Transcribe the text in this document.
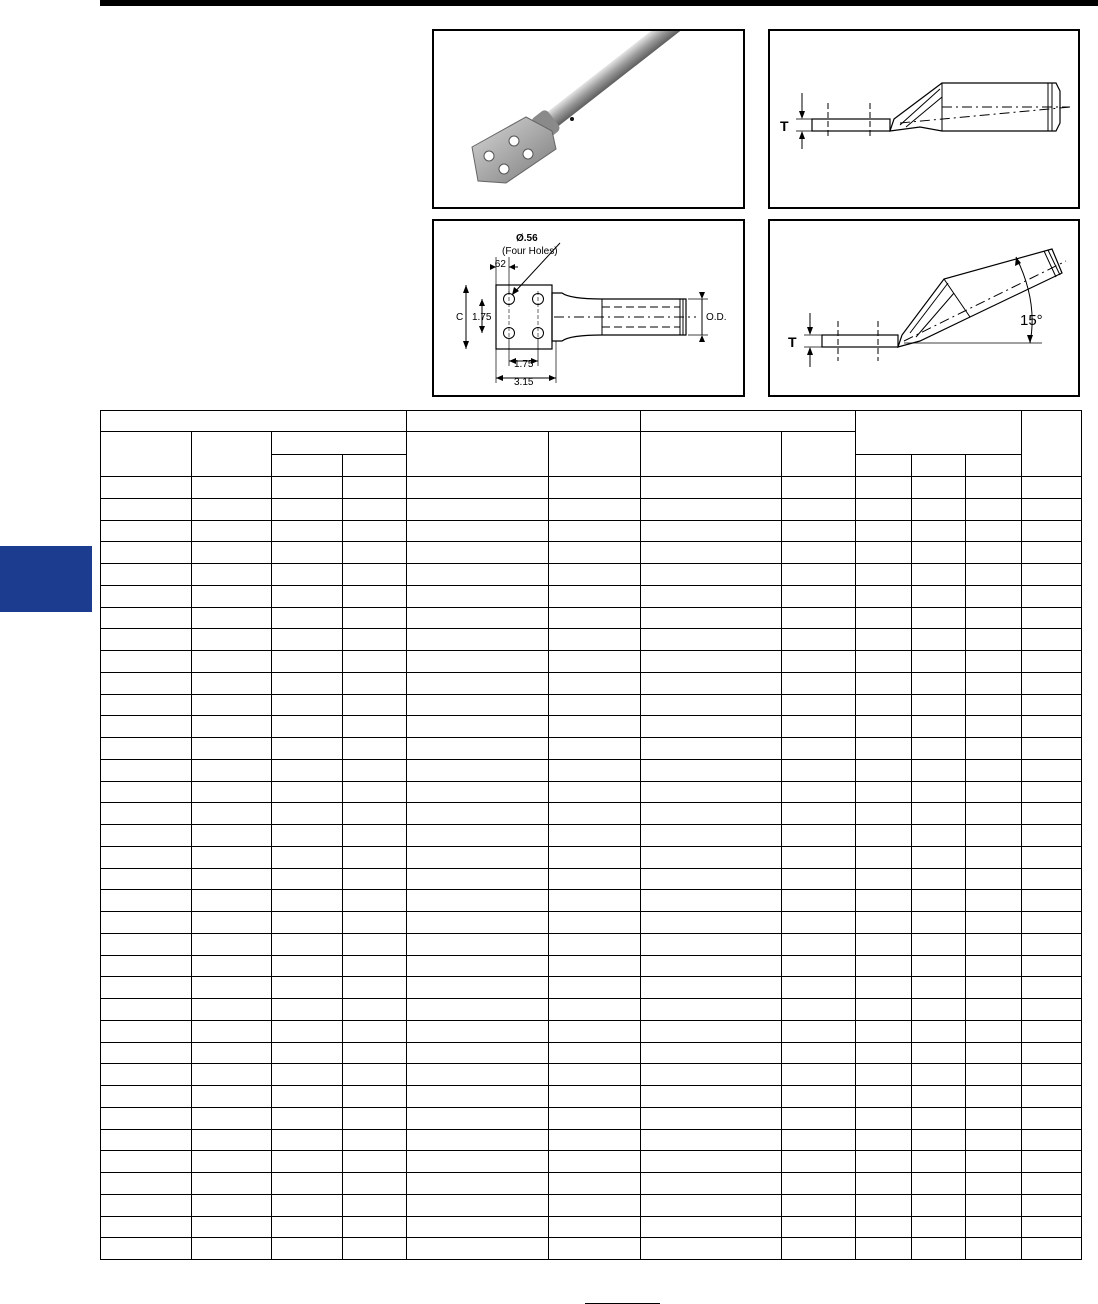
T
Ø.56
(Four Holes)
.62
C 1.75
1.75
3.15
O.D.
T
15°
